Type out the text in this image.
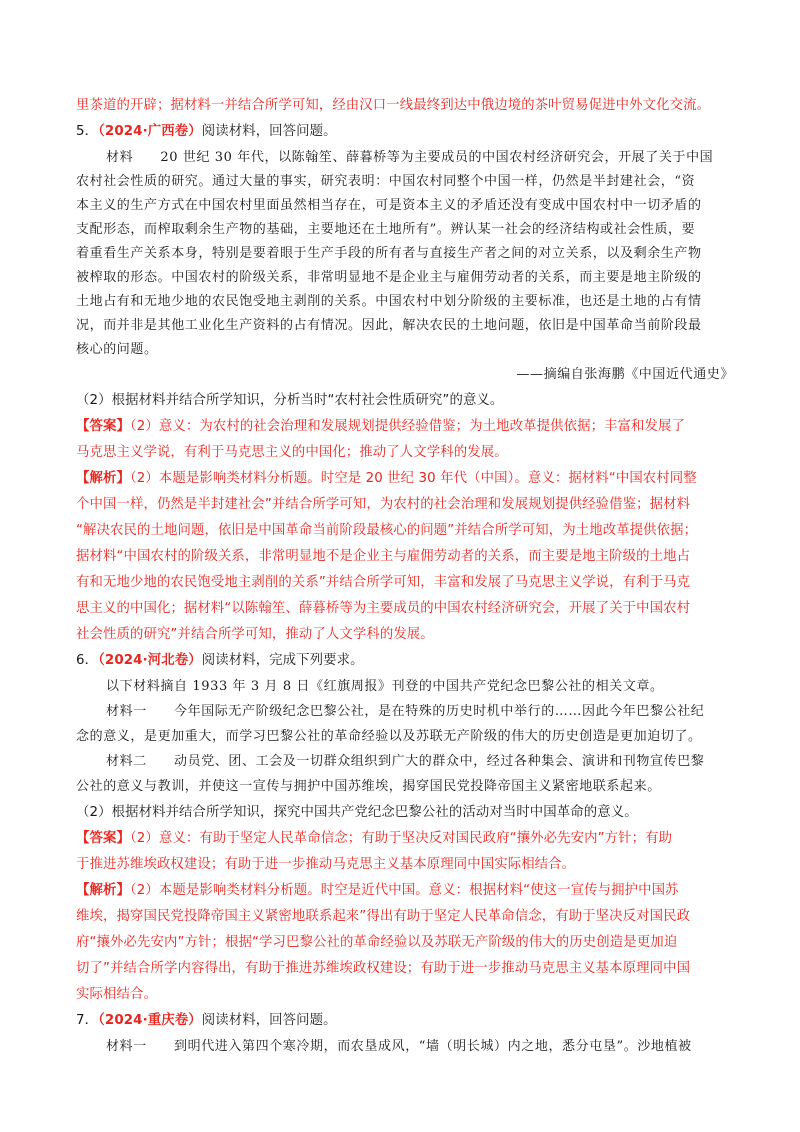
里茶道的开辟；据材料一并结合所学可知，经由汉口一线最终到达中俄边境的茶叶贸易促进中外文化交流。
5．（2024·广西卷）阅读材料，回答问题。
材料　　20 世纪 30 年代，以陈翰笙、薛暮桥等为主要成员的中国农村经济研究会，开展了关于中国
农村社会性质的研究。通过大量的事实，研究表明：中国农村同整个中国一样，仍然是半封建社会，“资
本主义的生产方式在中国农村里面虽然相当存在，可是资本主义的矛盾还没有变成中国农村中一切矛盾的
支配形态，而榨取剩余生产物的基础，主要地还在土地所有”。辨认某一社会的经济结构或社会性质，要
着重看生产关系本身，特别是要着眼于生产手段的所有者与直接生产者之间的对立关系，以及剩余生产物
被榨取的形态。中国农村的阶级关系，非常明显地不是企业主与雇佣劳动者的关系，而主要是地主阶级的
土地占有和无地少地的农民饱受地主剥削的关系。中国农村中划分阶级的主要标准，也还是土地的占有情
况，而并非是其他工业化生产资料的占有情况。因此，解决农民的土地问题，依旧是中国革命当前阶段最
核心的问题。
——摘编自张海鹏《中国近代通史》
（2）根据材料并结合所学知识，分析当时“农村社会性质研究”的意义。
【答案】（2）意义：为农村的社会治理和发展规划提供经验借鉴；为土地改革提供依据；丰富和发展了
马克思主义学说，有利于马克思主义的中国化；推动了人文学科的发展。
【解析】（2）本题是影响类材料分析题。时空是 20 世纪 30 年代（中国）。意义：据材料“中国农村同整
个中国一样，仍然是半封建社会”并结合所学可知，为农村的社会治理和发展规划提供经验借鉴；据材料
“解决农民的土地问题，依旧是中国革命当前阶段最核心的问题”并结合所学可知，为土地改革提供依据；
据材料“中国农村的阶级关系，非常明显地不是企业主与雇佣劳动者的关系，而主要是地主阶级的土地占
有和无地少地的农民饱受地主剥削的关系”并结合所学可知，丰富和发展了马克思主义学说，有利于马克
思主义的中国化；据材料“以陈翰笙、薛暮桥等为主要成员的中国农村经济研究会，开展了关于中国农村
社会性质的研究”并结合所学可知，推动了人文学科的发展。
6．（2024·河北卷）阅读材料，完成下列要求。
以下材料摘自 1933 年 3 月 8 日《红旗周报》刊登的中国共产党纪念巴黎公社的相关文章。
材料一　　今年国际无产阶级纪念巴黎公社，是在特殊的历史时机中举行的……因此今年巴黎公社纪
念的意义，是更加重大，而学习巴黎公社的革命经验以及苏联无产阶级的伟大的历史创造是更加迫切了。
材料二　　动员党、团、工会及一切群众组织到广大的群众中，经过各种集会、演讲和刊物宣传巴黎
公社的意义与教训，并使这一宣传与拥护中国苏维埃，揭穿国民党投降帝国主义紧密地联系起来。
（2）根据材料并结合所学知识，探究中国共产党纪念巴黎公社的活动对当时中国革命的意义。
【答案】（2）意义：有助于坚定人民革命信念；有助于坚决反对国民政府“攘外必先安内”方针；有助
于推进苏维埃政权建设；有助于进一步推动马克思主义基本原理同中国实际相结合。
【解析】（2）本题是影响类材料分析题。时空是近代中国。意义：根据材料“使这一宣传与拥护中国苏
维埃，揭穿国民党投降帝国主义紧密地联系起来”得出有助于坚定人民革命信念，有助于坚决反对国民政
府“攘外必先安内”方针；根据“学习巴黎公社的革命经验以及苏联无产阶级的伟大的历史创造是更加迫
切了”并结合所学内容得出，有助于推进苏维埃政权建设；有助于进一步推动马克思主义基本原理同中国
实际相结合。
7．（2024·重庆卷）阅读材料，回答问题。
材料一　　到明代进入第四个寒冷期，而农垦成风，“墙（明长城）内之地，悉分屯垦”。沙地植被
